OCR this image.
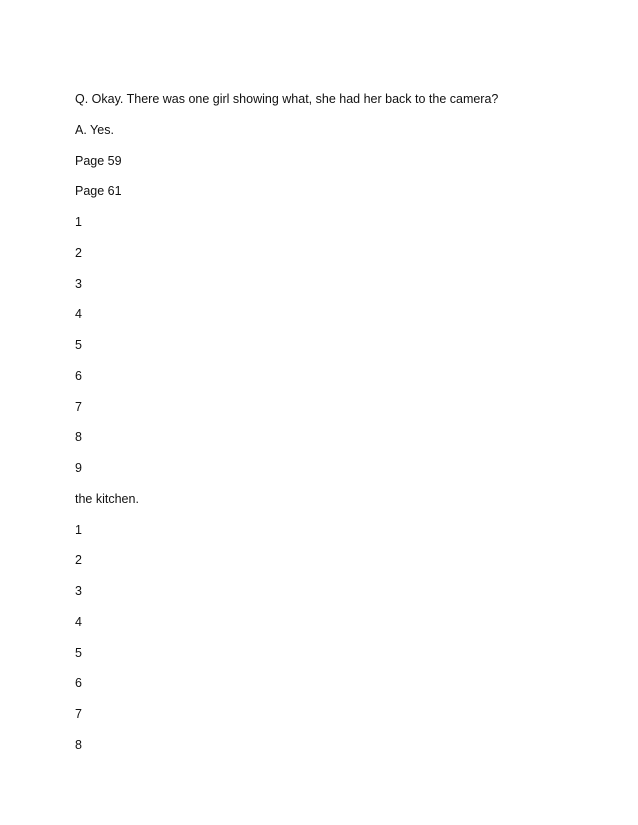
Q. Okay. There was one girl showing what, she had her back to the camera?
A. Yes.
Page 59
Page 61
1
2
3
4
5
6
7
8
9
the kitchen.
1
2
3
4
5
6
7
8
